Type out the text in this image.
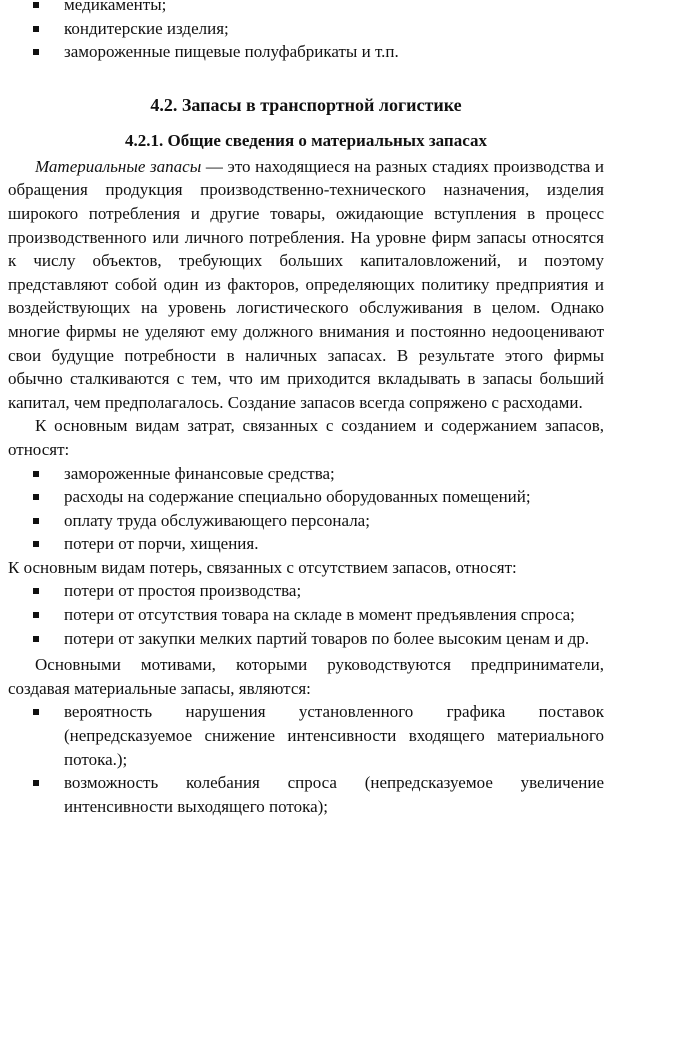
медикаменты;
кондитерские изделия;
замороженные пищевые полуфабрикаты и т.п.
4.2. Запасы в транспортной логистике
4.2.1. Общие сведения о материальных запасах

Материальные запасы — это находящиеся на разных стадиях производства и обращения продукция производственно-технического назначения, изделия широкого потребления и другие товары, ожидающие вступления в процесс производственного или личного потребления. На уровне фирм запасы относятся к числу объектов, требующих больших капиталовложений, и поэтому представляют собой один из факторов, определяющих политику предприятия и воздействующих на уровень логистического обслуживания в целом. Однако многие фирмы не уделяют ему должного внимания и постоянно недооценивают свои будущие потребности в наличных запасах. В результате этого фирмы обычно сталкиваются с тем, что им приходится вкладывать в запасы больший капитал, чем предполагалось. Создание запасов всегда сопряжено с расходами.

К основным видам затрат, связанных с созданием и содержанием запасов, относят:

замороженные финансовые средства;
расходы на содержание специально оборудованных помещений;
оплату труда обслуживающего персонала;
потери от порчи, хищения.

К основным видам потерь, связанных с отсутствием запасов, относят:

потери от простоя производства;
потери от отсутствия товара на складе в момент предъявления спроса;
потери от закупки мелких партий товаров по более высоким ценам и др.

Основными мотивами, которыми руководствуются предприниматели, создавая материальные запасы, являются:

вероятность нарушения установленного графика поставок (непредсказуемое снижение интенсивности входящего материального потока.);
возможность колебания спроса (непредсказуемое увеличение интенсивности выходящего потока);
